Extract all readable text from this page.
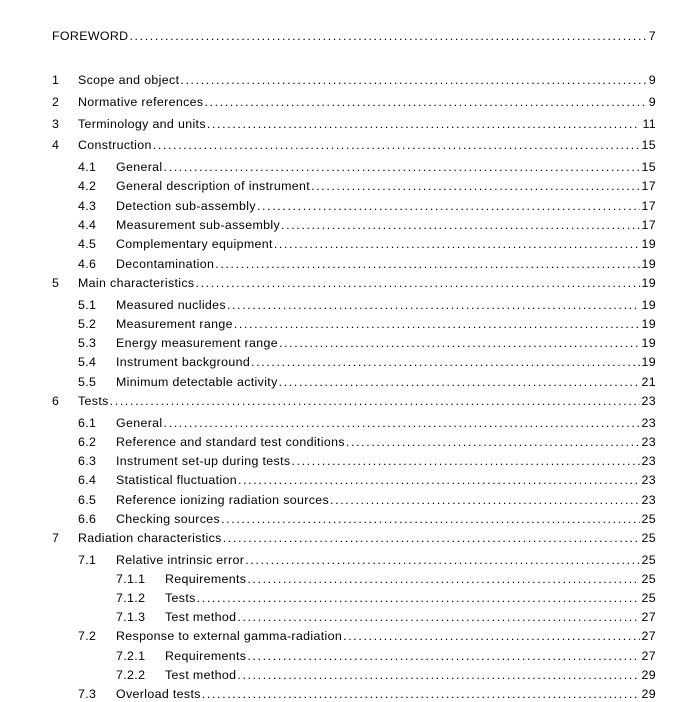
FOREWORD . . .	7
1	Scope and object . . .	9
2	Normative references . . .	9
3	Terminology and units . . .	11
4	Construction . . .	15
4.1	General . . .	15
4.2	General description of instrument . . .	17
4.3	Detection sub-assembly . . .	17
4.4	Measurement sub-assembly . . .	17
4.5	Complementary equipment . . .	19
4.6	Decontamination . . .	19
5	Main characteristics . . .	19
5.1	Measured nuclides . . .	19
5.2	Measurement range . . .	19
5.3	Energy measurement range . . .	19
5.4	Instrument background . . .	19
5.5	Minimum detectable activity . . .	21
6	Tests . . .	23
6.1	General . . .	23
6.2	Reference and standard test conditions . . .	23
6.3	Instrument set-up during tests . . .	23
6.4	Statistical fluctuation . . .	23
6.5	Reference ionizing radiation sources . . .	23
6.6	Checking sources . . .	25
7	Radiation characteristics . . .	25
7.1	Relative intrinsic error . . .	25
7.1.1	Requirements . . .	25
7.1.2	Tests . . .	25
7.1.3	Test method . . .	27
7.2	Response to external gamma-radiation . . .	27
7.2.1	Requirements . . .	27
7.2.2	Test method . . .	29
7.3	Overload tests . . .	29
